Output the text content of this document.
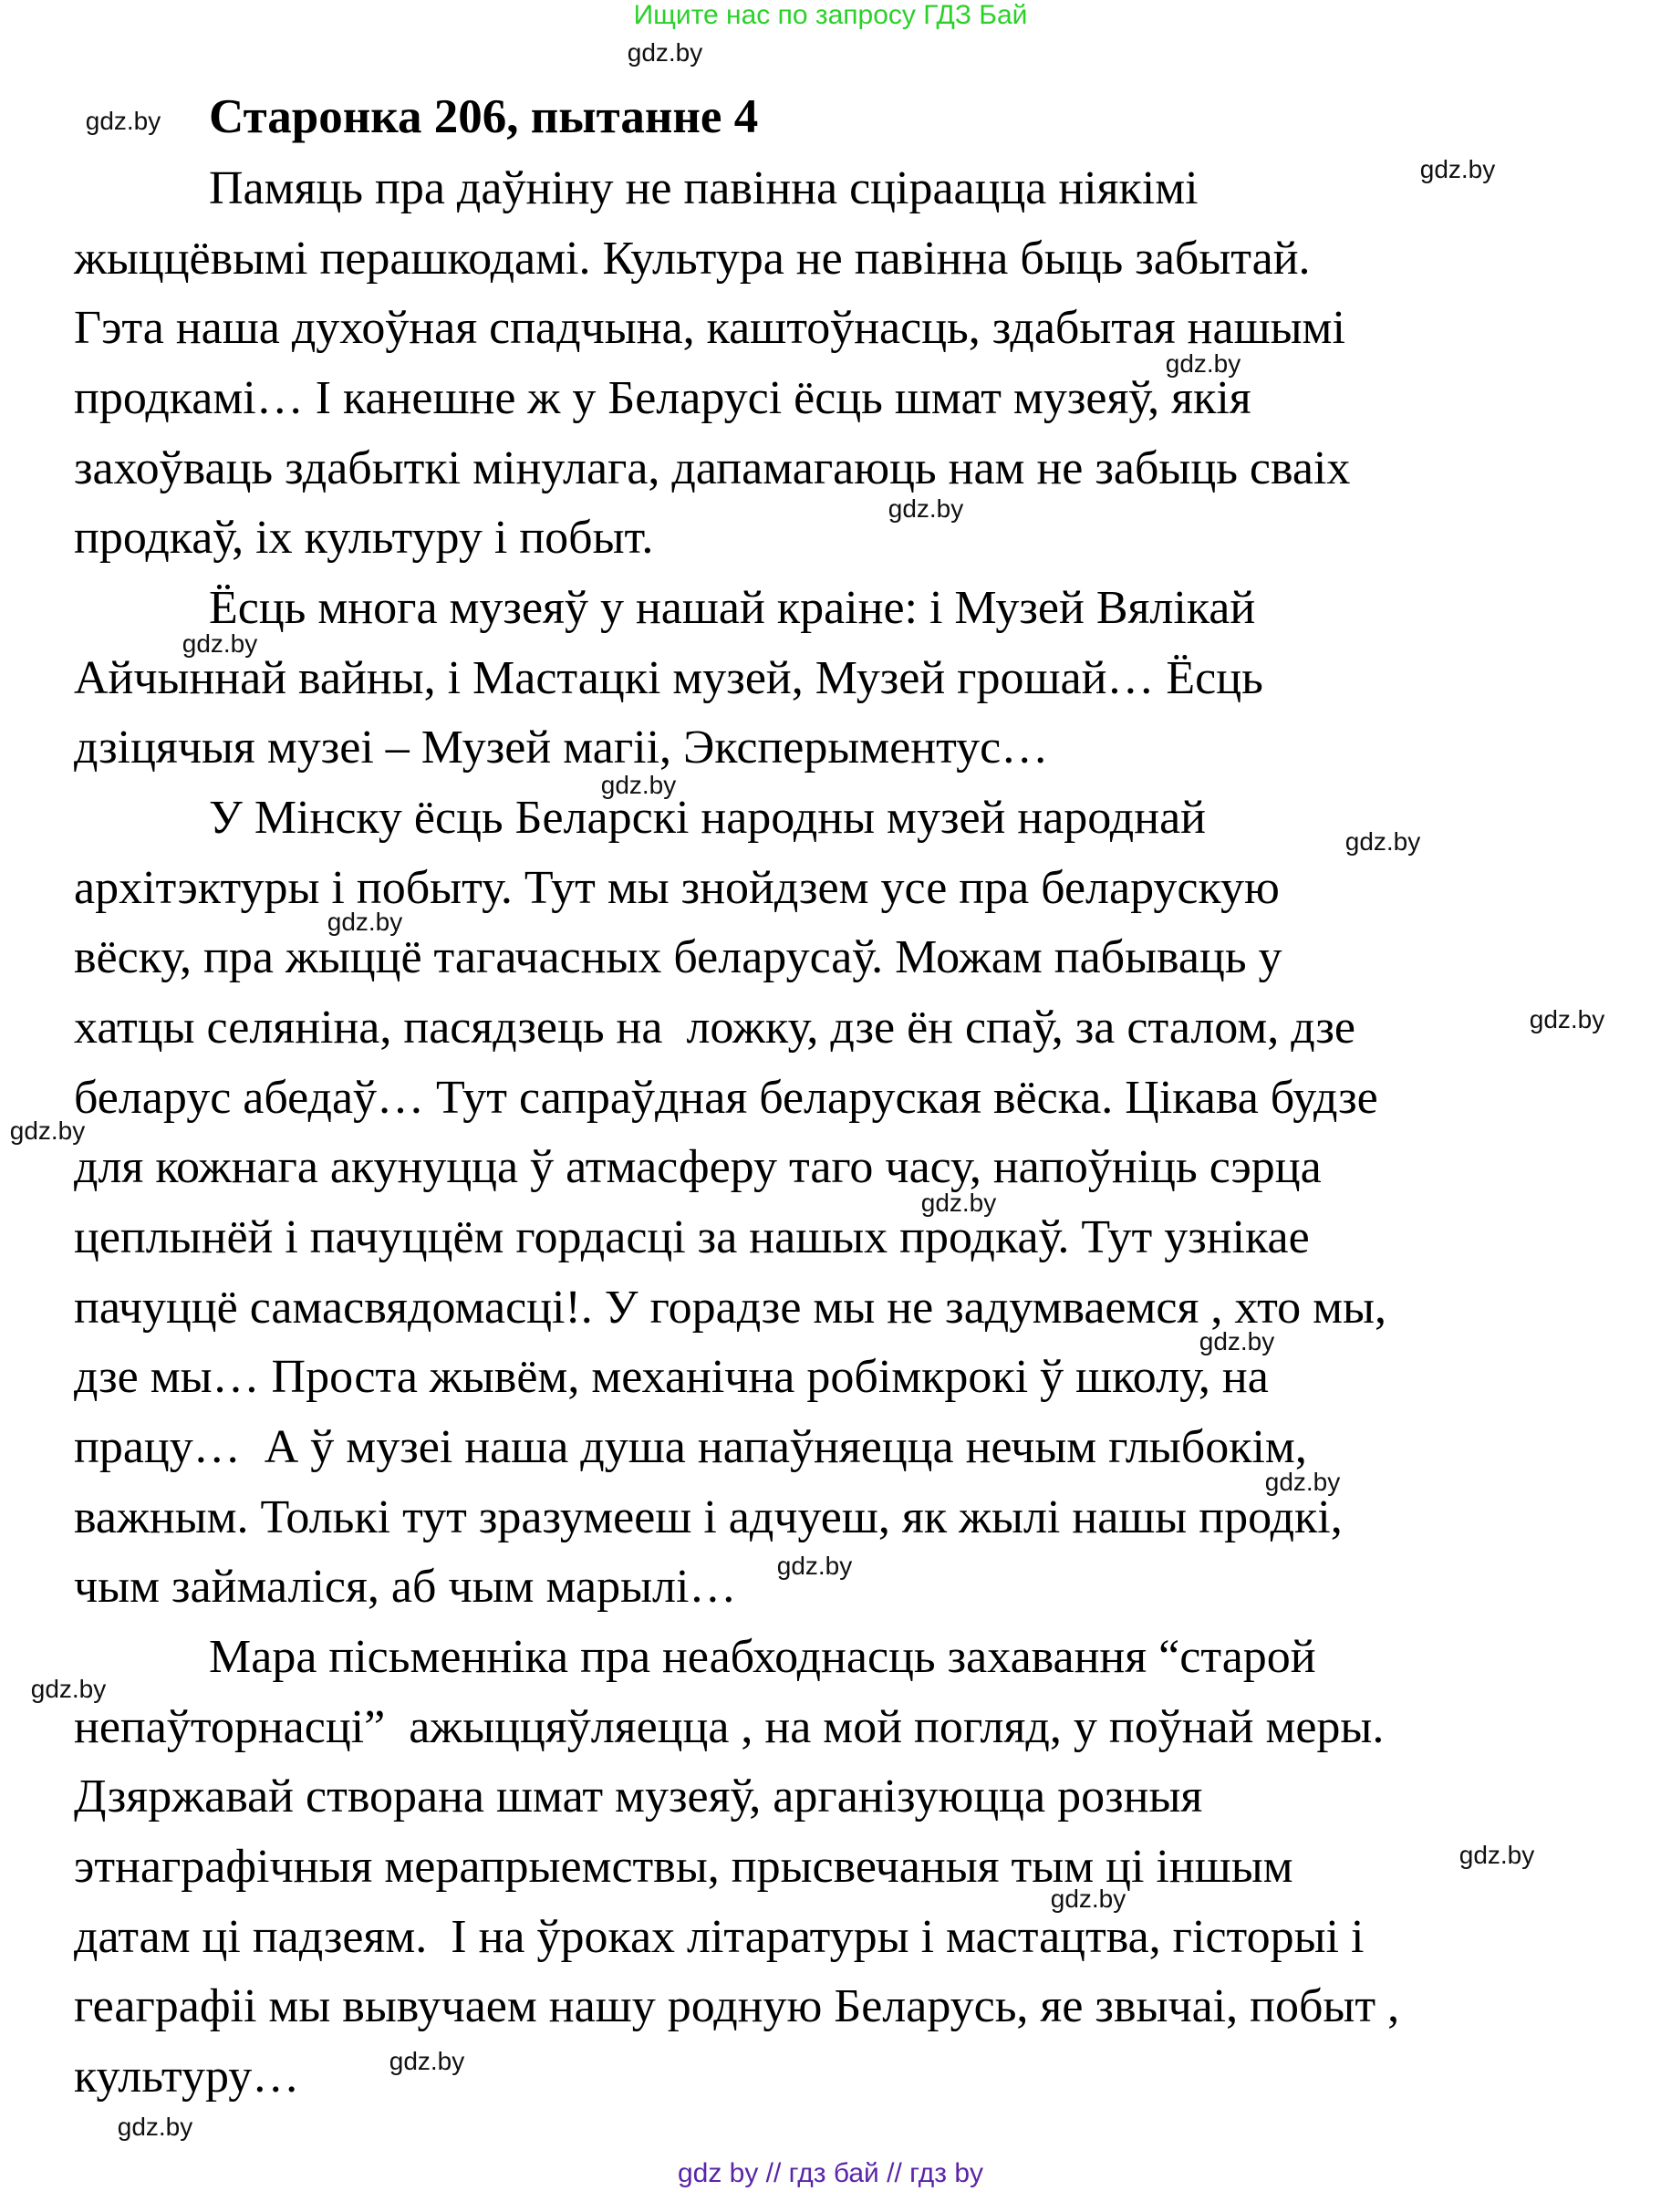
Ищите нас по запросу ГДЗ Бай
Старонка 206, пытанне 4
Памяць пра даўніну не павінна сціраацца ніякімі
жыццёвымі перашкодамі. Культура не павінна быць забытай.
Гэта наша духоўная спадчына, каштоўнасць, здабытая нашымі
продкамі… І канешне ж у Беларусі ёсць шмат музеяў, якія
захоўваць здабыткі мінулага, дапамагаюць нам не забыць сваіх
продкаў, іх культуру і побыт.
Ёсць многа музеяў у нашай краіне: і Музей Вялікай
Айчыннай вайны, і Мастацкі музей, Музей грошай… Ёсць
дзіцячыя музеі – Музей магіі, Эксперыментус…
У Мінску ёсць Беларскі народны музей народнай
архітэктуры і побыту. Тут мы знойдзем усе пра беларускую
вёску, пра жыццё тагачасных беларусаў. Можам пабываць у
хатцы селяніна, пасядзець на  ложку, дзе ён спаў, за сталом, дзе
беларус абедаў… Тут сапраўдная беларуская вёска. Цікава будзе
для кожнага акунуцца ў атмасферу таго часу, напоўніць сэрца
цеплынёй і пачуццём гордасці за нашых продкаў. Тут узнікае
пачуццё самасвядомасці!. У горадзе мы не задумваемся , хто мы,
дзе мы… Проста жывём, механічна робімкрокі ў школу, на
працу…  А ў музеі наша душа напаўняецца нечым глыбокім,
важным. Толькі тут зразумееш і адчуеш, як жылі нашы продкі,
чым займаліся, аб чым марылі…
Мара пісьменніка пра неабходнасць захавання “старой
непаўторнасці”  ажыццяўляецца , на мой погляд, у поўнай меры.
Дзяржавай створана шмат музеяў, арганізуюцца розныя
этнаграфічныя мерапрыемствы, прысвечаныя тым ці іншым
датам ці падзеям.  І на ўроках літаратуры і мастацтва, гісторыі і
геаграфіі мы вывучаем нашу родную Беларусь, яе звычаі, побыт ,
культуру…
gdz.by
gdz.by
gdz.by
gdz.by
gdz.by
gdz.by
gdz.by
gdz.by
gdz.by
gdz.by
gdz.by
gdz.by
gdz.by
gdz.by
gdz.by
gdz.by
gdz.by
gdz.by
gdz.by
gdz.by
gdz by // гдз бай // гдз by
